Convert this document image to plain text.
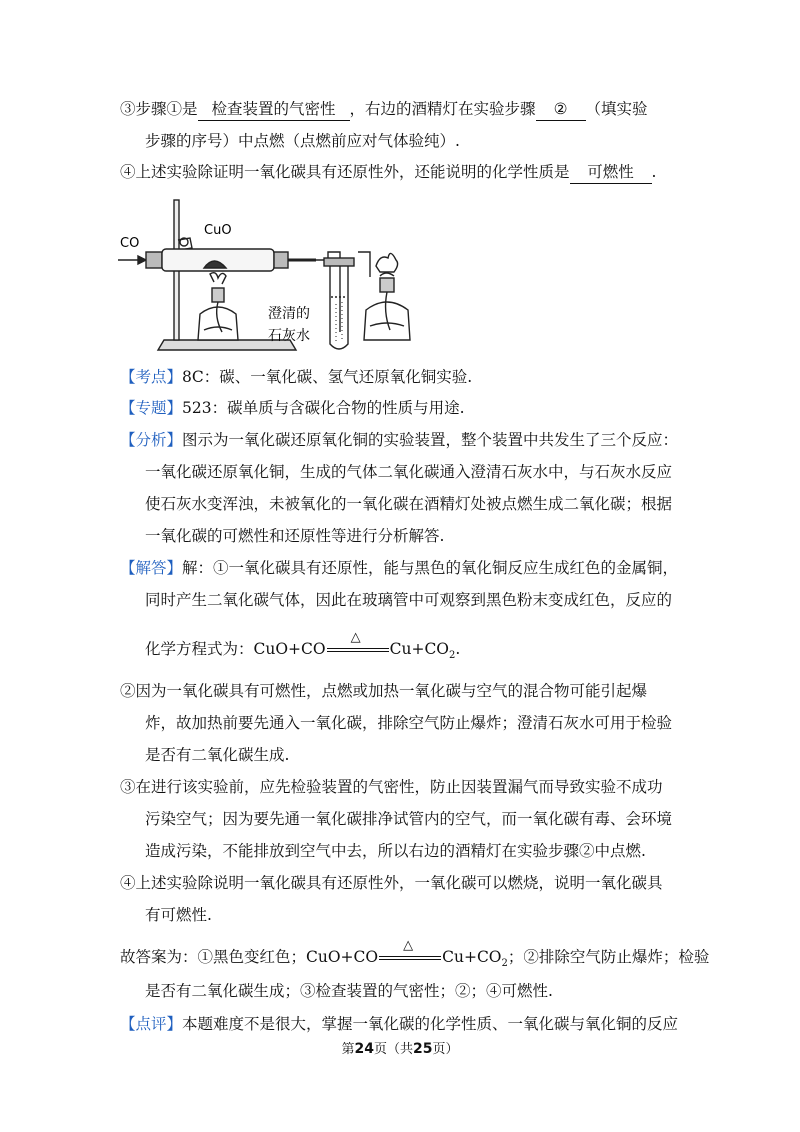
③步骤①是 检查装置的气密性 ，右边的酒精灯在实验步骤 ② （填实验
步骤的序号）中点燃（点燃前应对气体验纯）.
④上述实验除证明一氧化碳具有还原性外，还能说明的化学性质是 可燃性 .
CO
CuO
澄清的
石灰水
【考点】8C：碳、一氧化碳、氢气还原氧化铜实验.
【专题】523：碳单质与含碳化合物的性质与用途.
【分析】图示为一氧化碳还原氧化铜的实验装置，整个装置中共发生了三个反应：
一氧化碳还原氧化铜，生成的气体二氧化碳通入澄清石灰水中，与石灰水反应
使石灰水变浑浊，未被氧化的一氧化碳在酒精灯处被点燃生成二氧化碳；根据
一氧化碳的可燃性和还原性等进行分析解答.
【解答】解：①一氧化碳具有还原性，能与黑色的氧化铜反应生成红色的金属铜，
同时产生二氧化碳气体，因此在玻璃管中可观察到黑色粉末变成红色，反应的
化学方程式为：CuO+CO
△
$Cu+CO_2$.
②因为一氧化碳具有可燃性，点燃或加热一氧化碳与空气的混合物可能引起爆
炸，故加热前要先通入一氧化碳，排除空气防止爆炸；澄清石灰水可用于检验
是否有二氧化碳生成.
③在进行该实验前，应先检验装置的气密性，防止因装置漏气而导致实验不成功
污染空气；因为要先通一氧化碳排净试管内的空气，而一氧化碳有毒、会环境
造成污染，不能排放到空气中去，所以右边的酒精灯在实验步骤②中点燃.
④上述实验除说明一氧化碳具有还原性外，一氧化碳可以燃烧，说明一氧化碳具
有可燃性.
故答案为：①黑色变红色；CuO+CO
△
$Cu+CO_2$；②排除空气防止爆炸；检验
是否有二氧化碳生成；③检查装置的气密性；②；④可燃性.
【点评】本题难度不是很大，掌握一氧化碳的化学性质、一氧化碳与氧化铜的反应
第24页（共25页）
